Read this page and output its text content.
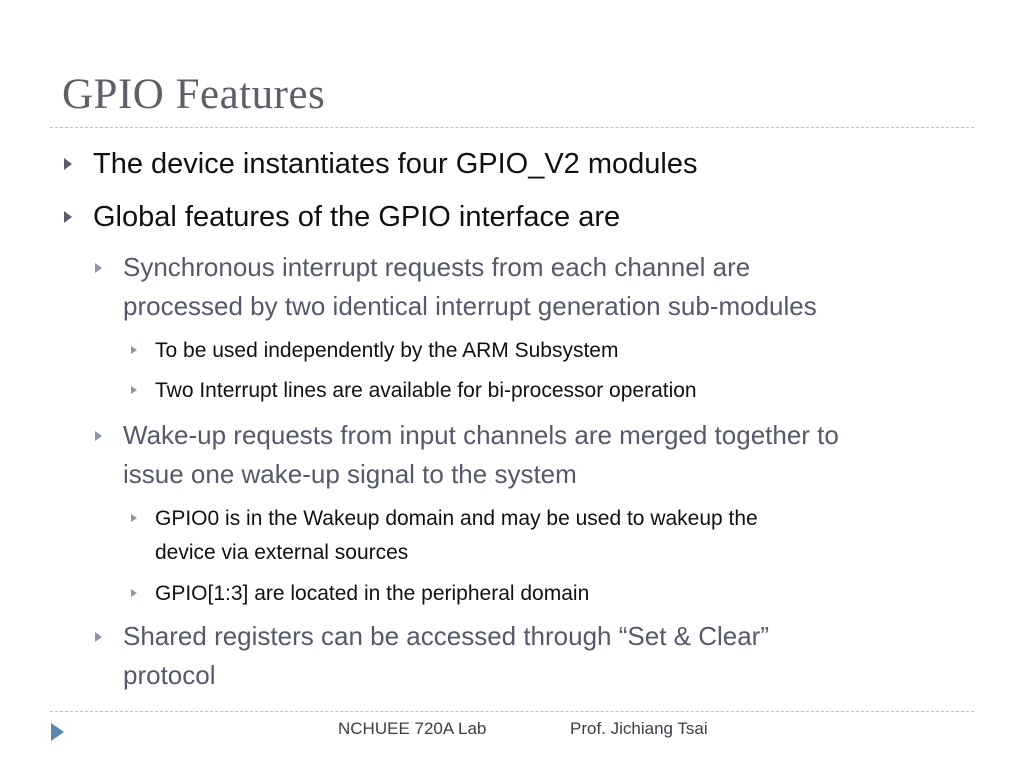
GPIO Features
The device instantiates four GPIO_V2 modules
Global features of the GPIO interface are
Synchronous interrupt requests from each channel are
processed by two identical interrupt generation sub-modules
To be used independently by the ARM Subsystem
Two Interrupt lines are available for bi-processor operation
Wake-up requests from input channels are merged together to
issue one wake-up signal to the system
GPIO0 is in the Wakeup domain and may be used to wakeup the
device via external sources
GPIO[1:3] are located in the peripheral domain
Shared registers can be accessed through “Set & Clear”
protocol
NCHUEE 720A Lab	Prof. Jichiang Tsai
